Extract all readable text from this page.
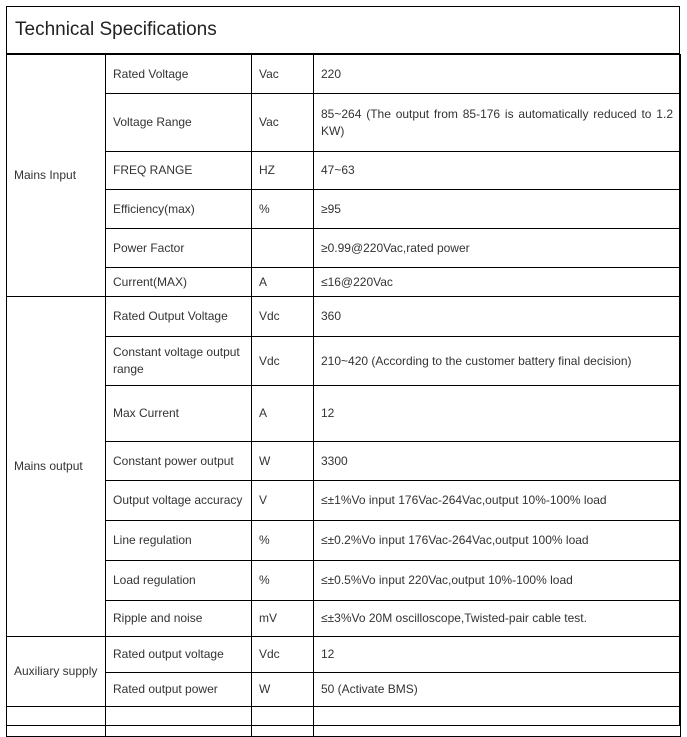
Technical Specifications
Mains Input	Rated Voltage	Vac	220
	Voltage Range	Vac	85~264 (The output from 85-176 is automatically reduced to 1.2 KW)
	FREQ RANGE	HZ	47~63
	Efficiency(max)	%	≥95
	Power Factor		≥0.99@220Vac,rated power
	Current(MAX)	A	≤16@220Vac
Mains output	Rated Output Voltage	Vdc	360
	Constant voltage output range	Vdc	210~420 (According to the customer battery final decision)
	Max Current	A	12
	Constant power output	W	3300
	Output voltage accuracy	V	≤±1%Vo input 176Vac-264Vac,output 10%-100% load
	Line regulation	%	≤±0.2%Vo input 176Vac-264Vac,output 100% load
	Load regulation	%	≤±0.5%Vo input 220Vac,output 10%-100% load
	Ripple and noise	mV	≤±3%Vo 20M oscilloscope,Twisted-pair cable test.
Auxiliary supply	Rated output voltage	Vdc	12
	Rated output power	W	50 (Activate BMS)
